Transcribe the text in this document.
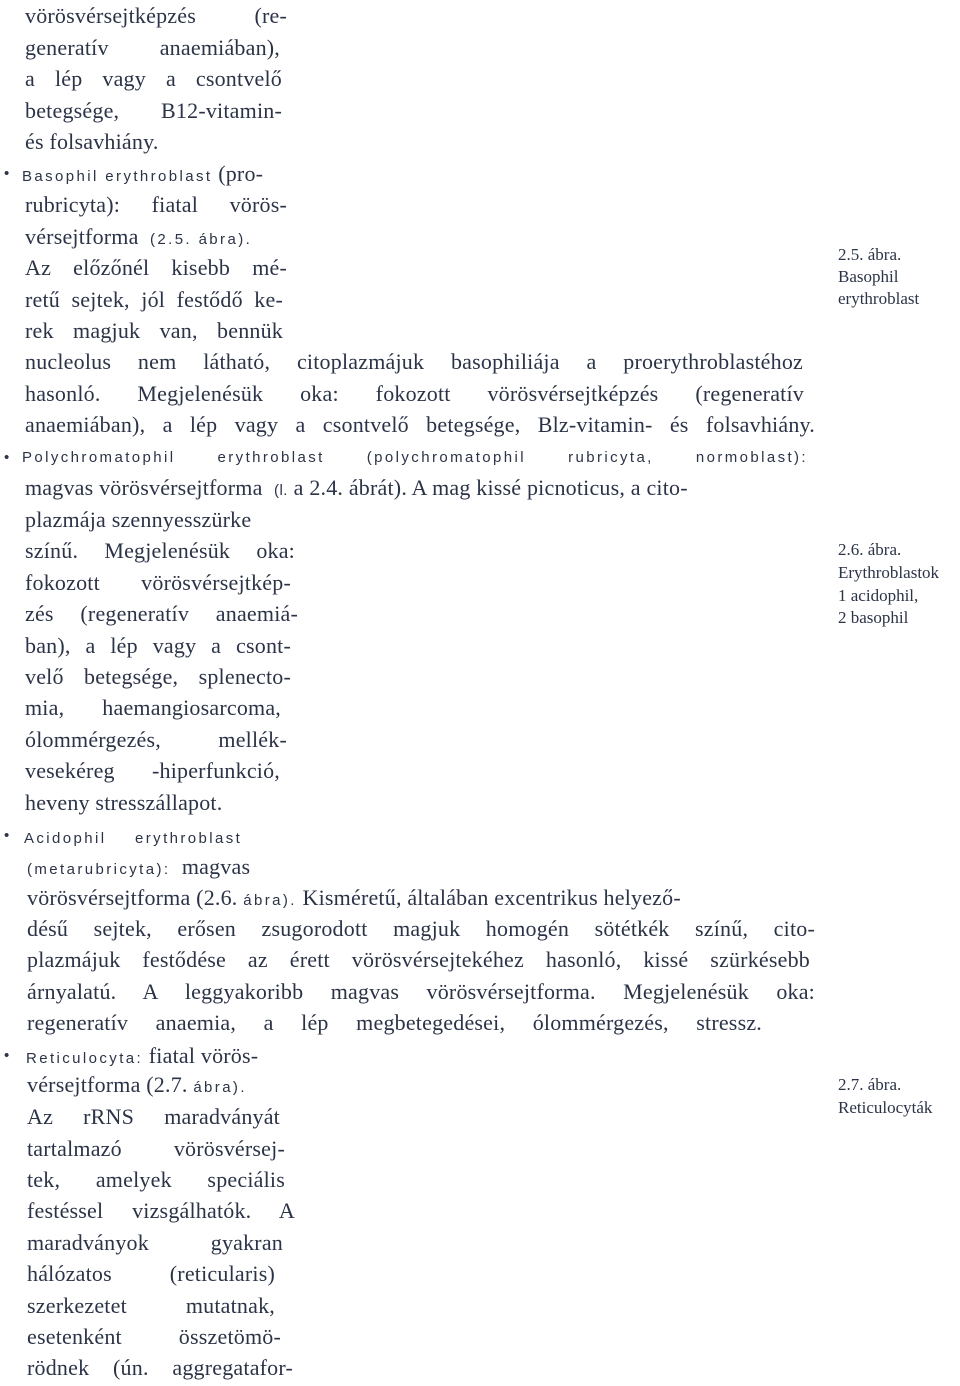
vörösvérsejtképzés (re-
generatív anaemiában),
a lép vagy a csontvelő
betegsége, B12-vitamin-
és folsavhiány.
• Basophil erythroblast (pro-
rubricyta): fiatal vörös-
vérsejtforma (2.5. ábra).
Az előzőnél kisebb mé-
retű sejtek, jól festődő ke-
rek magjuk van, bennük
nucleolus nem látható, citoplazmájuk basophiliája a proerythroblastéhoz
hasonló. Megjelenésük oka: fokozott vörösvérsejtképzés (regeneratív
anaemiában), a lép vagy a csontvelő betegsége, Blz-vitamin- és folsavhiány.
• Polychromatophil erythroblast (polychromatophil rubricyta, normoblast):
magvas vörösvérsejtforma (l. a 2.4. ábrát). A mag kissé picnoticus, a cito-
plazmája szennyesszürke
színű. Megjelenésük oka:
fokozott vörösvérsejtkép-
zés (regeneratív anaemiá-
ban), a lép vagy a csont-
velő betegsége, splenecto-
mia, haemangiosarcoma,
ólommérgezés, mellék-
vesekéreg -hiperfunkció,
heveny stresszállapot.
• Acidophil erythroblast
(metarubricyta): magvas
vörösvérsejtforma (2.6. ábra). Kisméretű, általában excentrikus helyező-
désű sejtek, erősen zsugorodott magjuk homogén sötétkék színű, cito-
plazmájuk festődése az érett vörösvérsejtekéhez hasonló, kissé szürkésebb
árnyalatú. A leggyakoribb magvas vörösvérsejtforma. Megjelenésük oka:
regeneratív anaemia, a lép megbetegedései, ólommérgezés, stressz.
• Reticulocyta: fiatal vörös-
vérsejtforma (2.7. ábra).
Az rRNS maradványát
tartalmazó vörösvérsej-
tek, amelyek speciális
festéssel vizsgálhatók. A
maradványok gyakran
hálózatos (reticularis)
szerkezetet mutatnak,
esetenként összetömö-
rödnek (ún. aggregatafor-
2.5. ábra.
Basophil
erythroblast
2.6. ábra.
Erythroblastok
1 acidophil,
2 basophil
2.7. ábra.
Reticulocyták
